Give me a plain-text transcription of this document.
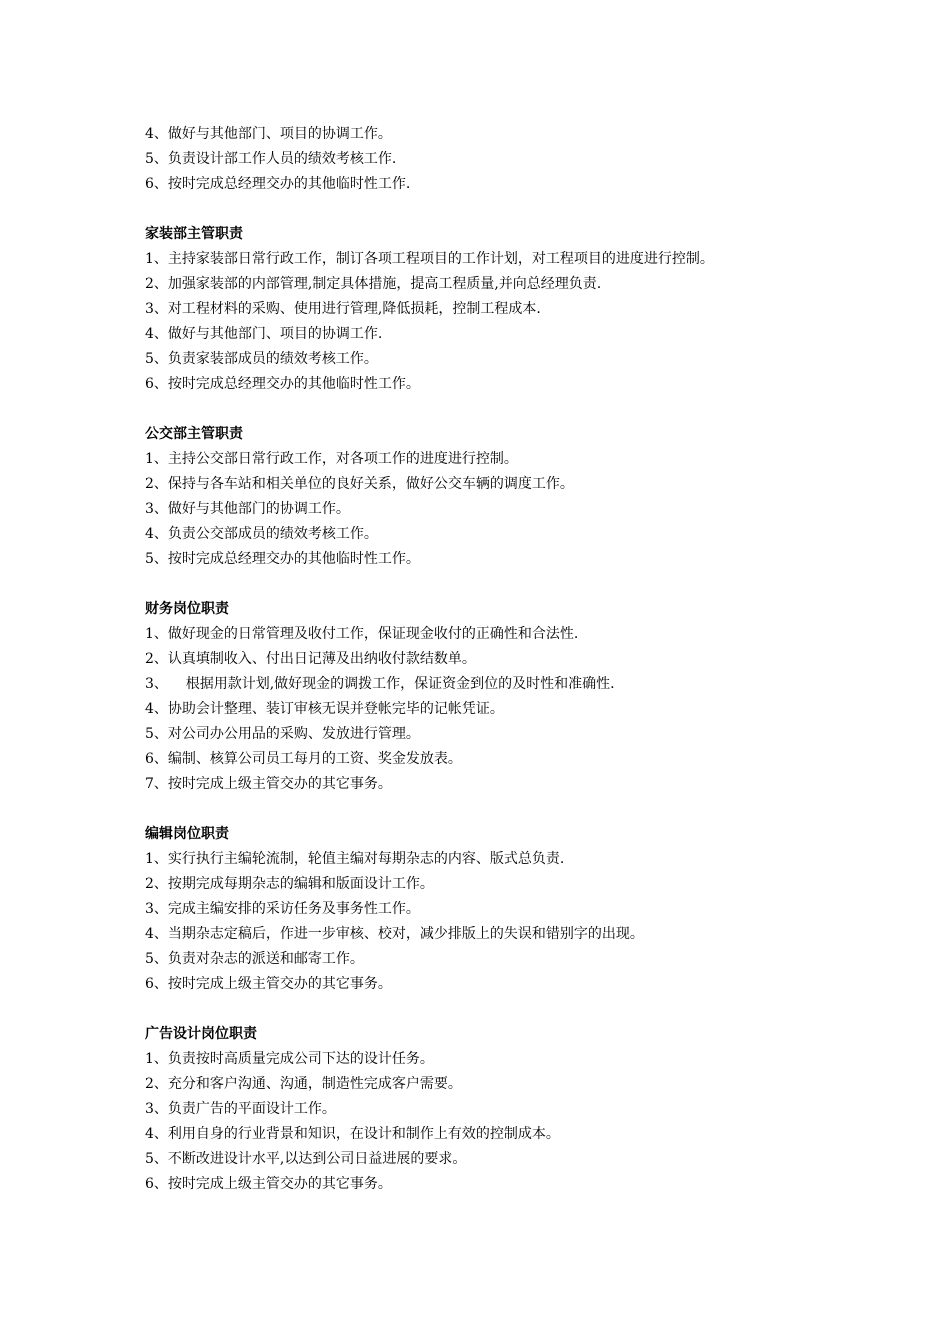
4、做好与其他部门、项目的协调工作。
5、负责设计部工作人员的绩效考核工作.
6、按时完成总经理交办的其他临时性工作.
家装部主管职责
1、主持家装部日常行政工作，制订各项工程项目的工作计划，对工程项目的进度进行控制。
2、加强家装部的内部管理,制定具体措施，提高工程质量,并向总经理负责.
3、对工程材料的采购、使用进行管理,降低损耗，控制工程成本.
4、做好与其他部门、项目的协调工作.
5、负责家装部成员的绩效考核工作。
6、按时完成总经理交办的其他临时性工作。
公交部主管职责
1、主持公交部日常行政工作，对各项工作的进度进行控制。
2、保持与各车站和相关单位的良好关系，做好公交车辆的调度工作。
3、做好与其他部门的协调工作。
4、负责公交部成员的绩效考核工作。
5、按时完成总经理交办的其他临时性工作。
财务岗位职责
1、做好现金的日常管理及收付工作，保证现金收付的正确性和合法性.
2、认真填制收入、付出日记薄及出纳收付款结数单。
3、    根据用款计划,做好现金的调拨工作，保证资金到位的及时性和准确性.
4、协助会计整理、装订审核无误并登帐完毕的记帐凭证。
5、对公司办公用品的采购、发放进行管理。
6、编制、核算公司员工每月的工资、奖金发放表。
7、按时完成上级主管交办的其它事务。
编辑岗位职责
1、实行执行主编轮流制，轮值主编对每期杂志的内容、版式总负责.
2、按期完成每期杂志的编辑和版面设计工作。
3、完成主编安排的采访任务及事务性工作。
4、当期杂志定稿后，作进一步审核、校对，减少排版上的失误和错别字的出现。
5、负责对杂志的派送和邮寄工作。
6、按时完成上级主管交办的其它事务。
广告设计岗位职责
1、负责按时高质量完成公司下达的设计任务。
2、充分和客户沟通、沟通，制造性完成客户需要。
3、负责广告的平面设计工作。
4、利用自身的行业背景和知识，在设计和制作上有效的控制成本。
5、不断改进设计水平,以达到公司日益进展的要求。
6、按时完成上级主管交办的其它事务。
